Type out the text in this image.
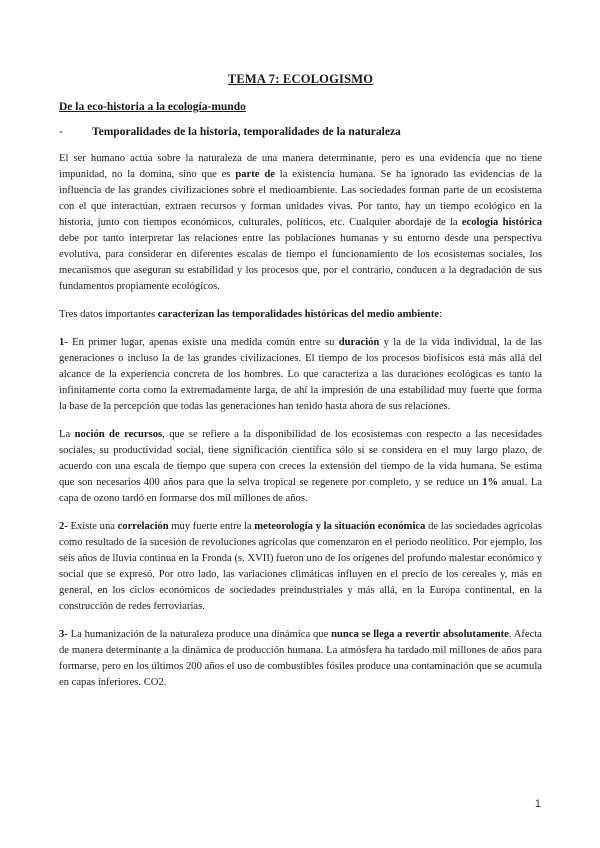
TEMA 7: ECOLOGISMO
De la eco-historia a la ecología-mundo
-	Temporalidades de la historia, temporalidades de la naturaleza

El ser humano actúa sobre la naturaleza de una manera determinante, pero es una evidencia que no tiene impunidad, no la domina, sino que es parte de la existencia humana. Se ha ignorado las evidencias de la influencia de las grandes civilizaciones sobre el medioambiente. Las sociedades forman parte de un ecosistema con el que interactúan, extraen recursos y forman unidades vivas. Por tanto, hay un tiempo ecológico en la historia, junto con tiempos económicos, culturales, políticos, etc. Cualquier abordaje de la ecología histórica debe por tanto interpretar las relaciones entre las poblaciones humanas y su entorno desde una perspectiva evolutiva, para considerar en diferentes escalas de tiempo el funcionamiento de los ecosistemas sociales, los mecanismos que aseguran su estabilidad y los procesos que, por el contrario, conducen a la degradación de sus fundamentos propiamente ecológicos.

Tres datos importantes caracterizan las temporalidades históricas del medio ambiente:

1- En primer lugar, apenas existe una medida común entre su duración y la de la vida individual, la de las generaciones o incluso la de las grandes civilizaciones. El tiempo de los procesos biofísicos está más allá del alcance de la experiencia concreta de los hombres. Lo que caracteriza a las duraciones ecológicas es tanto la infinitamente corta como la extremadamente larga, de ahí la impresión de una estabilidad muy fuerte que forma la base de la percepción que todas las generaciones han tenido hasta ahora de sus relaciones.

La noción de recursos, que se refiere a la disponibilidad de los ecosistemas con respecto a las necesidades sociales, su productividad social, tiene significación científica sólo si se considera en el muy largo plazo, de acuerdo con una escala de tiempo que supera con creces la extensión del tiempo de la vida humana. Se estima que son necesarios 400 años para que la selva tropical se regenere por completo, y se reduce un 1% anual. La capa de ozono tardó en formarse dos mil millones de años.

2- Existe una correlación muy fuerte entre la meteorología y la situación económica de las sociedades agrícolas como resultado de la sucesión de revoluciones agrícolas que comenzaron en el periodo neolítico. Por ejemplo, los seis años de lluvia continua en la Fronda (s. XVII) fueron uno de los orígenes del profundo malestar económico y social que se expresó. Por otro lado, las variaciones climáticas influyen en el precio de los cereales y, más en general, en los ciclos económicos de sociedades preindustriales y más allá, en la Europa continental, en la construcción de redes ferroviarias.

3- La humanización de la naturaleza produce una dinámica que nunca se llega a revertir absolutamente. Afecta de manera determinante a la dinámica de producción humana. La atmósfera ha tardado mil millones de años para formarse, pero en los últimos 200 años el uso de combustibles fósiles produce una contaminación que se acumula en capas inferiores. CO2.

1
